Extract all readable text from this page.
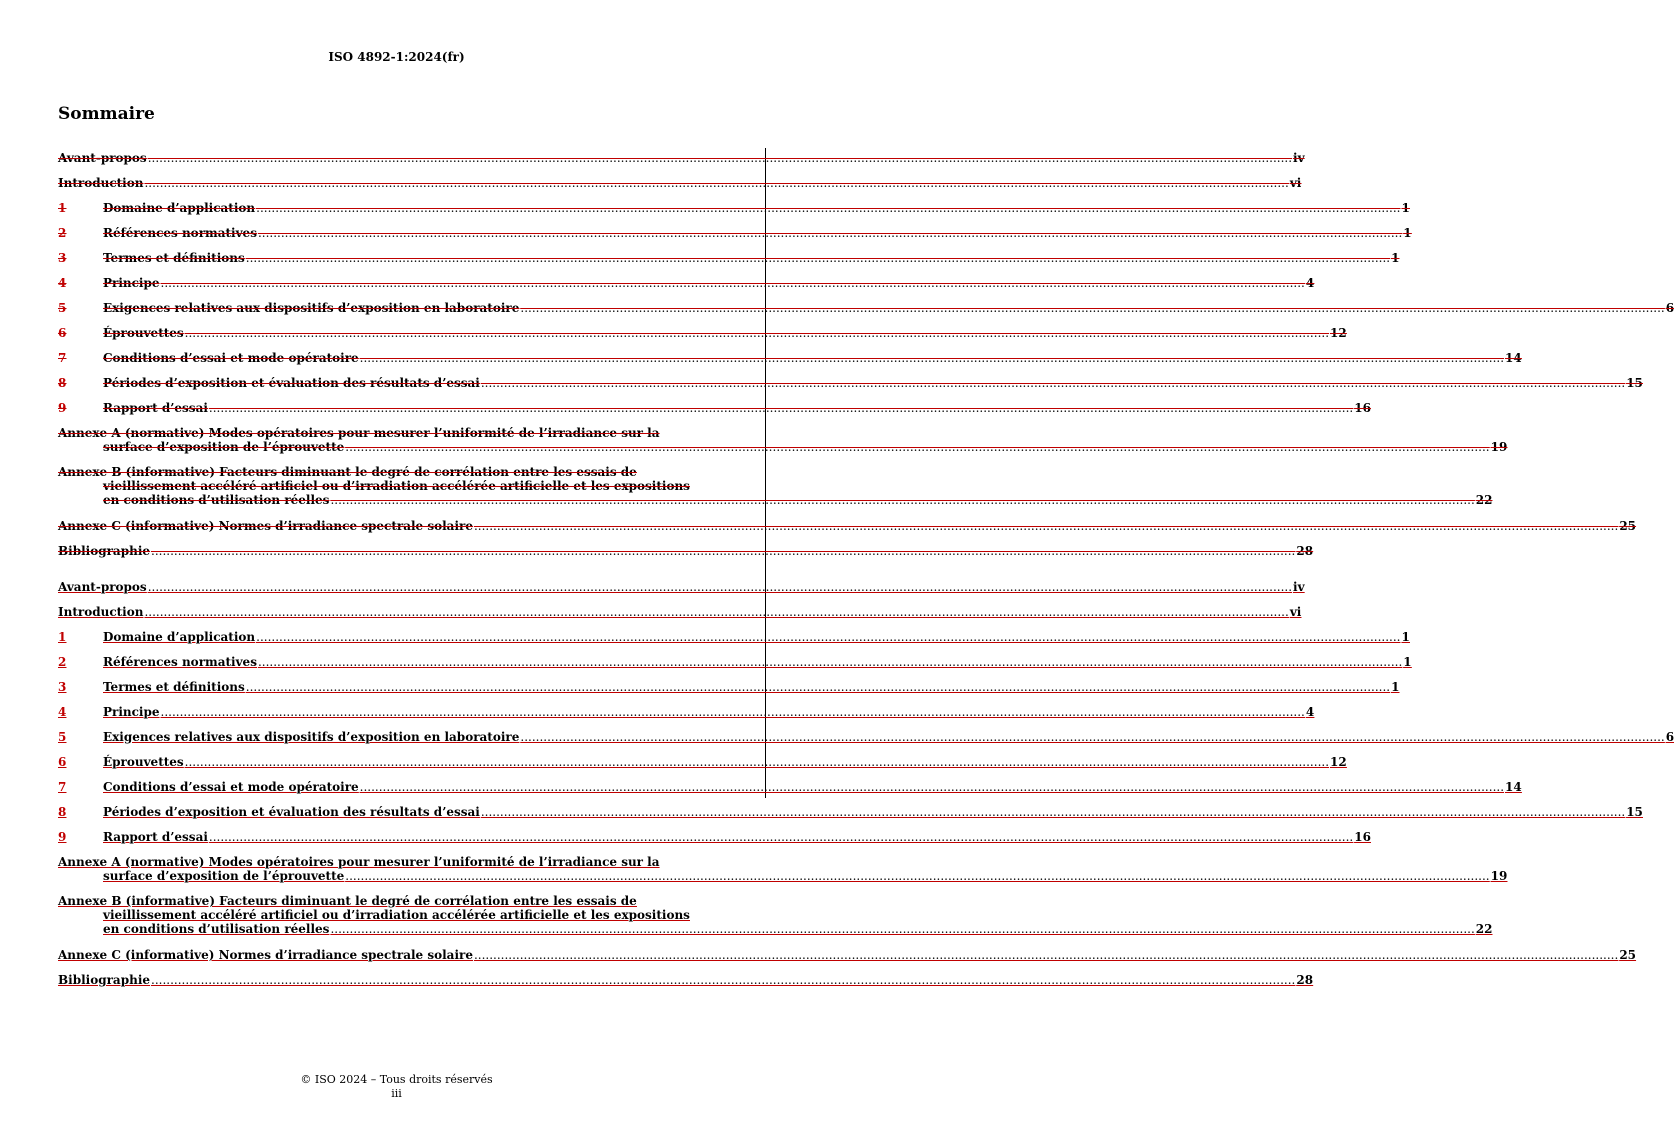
ISO 4892-1:2024(fr)
Sommaire
Avant-propos ............................................................................................................................................................................................................................................................................................................ iv
Introduction ............................................................................................................................................................................................................................................................................................................ vi
1	Domaine d’application ............................................................................................................................................................................................................................................................................................................ 1
2	Références normatives ............................................................................................................................................................................................................................................................................................................ 1
3	Termes et définitions ............................................................................................................................................................................................................................................................................................................ 1
4	Principe ............................................................................................................................................................................................................................................................................................................ 4
5	Exigences relatives aux dispositifs d’exposition en laboratoire ............................................................................................................................................................................................................................................................................................................ 6
6	Éprouvettes ............................................................................................................................................................................................................................................................................................................ 12
7	Conditions d’essai et mode opératoire ............................................................................................................................................................................................................................................................................................................ 14
8	Périodes d’exposition et évaluation des résultats d’essai ............................................................................................................................................................................................................................................................................................................ 15
9	Rapport d’essai ............................................................................................................................................................................................................................................................................................................ 16
Annexe A (normative) Modes opératoires pour mesurer l’uniformité de l’irradiance sur la
surface d’exposition de l’éprouvette ............................................................................................................................................................................................................................................................................................................ 19
Annexe B (informative) Facteurs diminuant le degré de corrélation entre les essais de
vieillissement accéléré artificiel ou d’irradiation accélérée artificielle et les expositions
en conditions d’utilisation réelles ............................................................................................................................................................................................................................................................................................................ 22
Annexe C (informative) Normes d’irradiance spectrale solaire ............................................................................................................................................................................................................................................................................................................ 25
Bibliographie ............................................................................................................................................................................................................................................................................................................ 28
Avant-propos ............................................................................................................................................................................................................................................................................................................ iv
Introduction ............................................................................................................................................................................................................................................................................................................ vi
1	Domaine d’application ............................................................................................................................................................................................................................................................................................................ 1
2	Références normatives ............................................................................................................................................................................................................................................................................................................ 1
3	Termes et définitions ............................................................................................................................................................................................................................................................................................................ 1
4	Principe ............................................................................................................................................................................................................................................................................................................ 4
5	Exigences relatives aux dispositifs d’exposition en laboratoire ............................................................................................................................................................................................................................................................................................................ 6
6	Éprouvettes ............................................................................................................................................................................................................................................................................................................ 12
7	Conditions d’essai et mode opératoire ............................................................................................................................................................................................................................................................................................................ 14
8	Périodes d’exposition et évaluation des résultats d’essai ............................................................................................................................................................................................................................................................................................................ 15
9	Rapport d’essai ............................................................................................................................................................................................................................................................................................................ 16
Annexe A (normative) Modes opératoires pour mesurer l’uniformité de l’irradiance sur la
surface d’exposition de l’éprouvette ............................................................................................................................................................................................................................................................................................................ 19
Annexe B (informative) Facteurs diminuant le degré de corrélation entre les essais de
vieillissement accéléré artificiel ou d’irradiation accélérée artificielle et les expositions
en conditions d’utilisation réelles ............................................................................................................................................................................................................................................................................................................ 22
Annexe C (informative) Normes d’irradiance spectrale solaire ............................................................................................................................................................................................................................................................................................................ 25
Bibliographie ............................................................................................................................................................................................................................................................................................................ 28
© ISO 2024 – Tous droits réservés
iii
